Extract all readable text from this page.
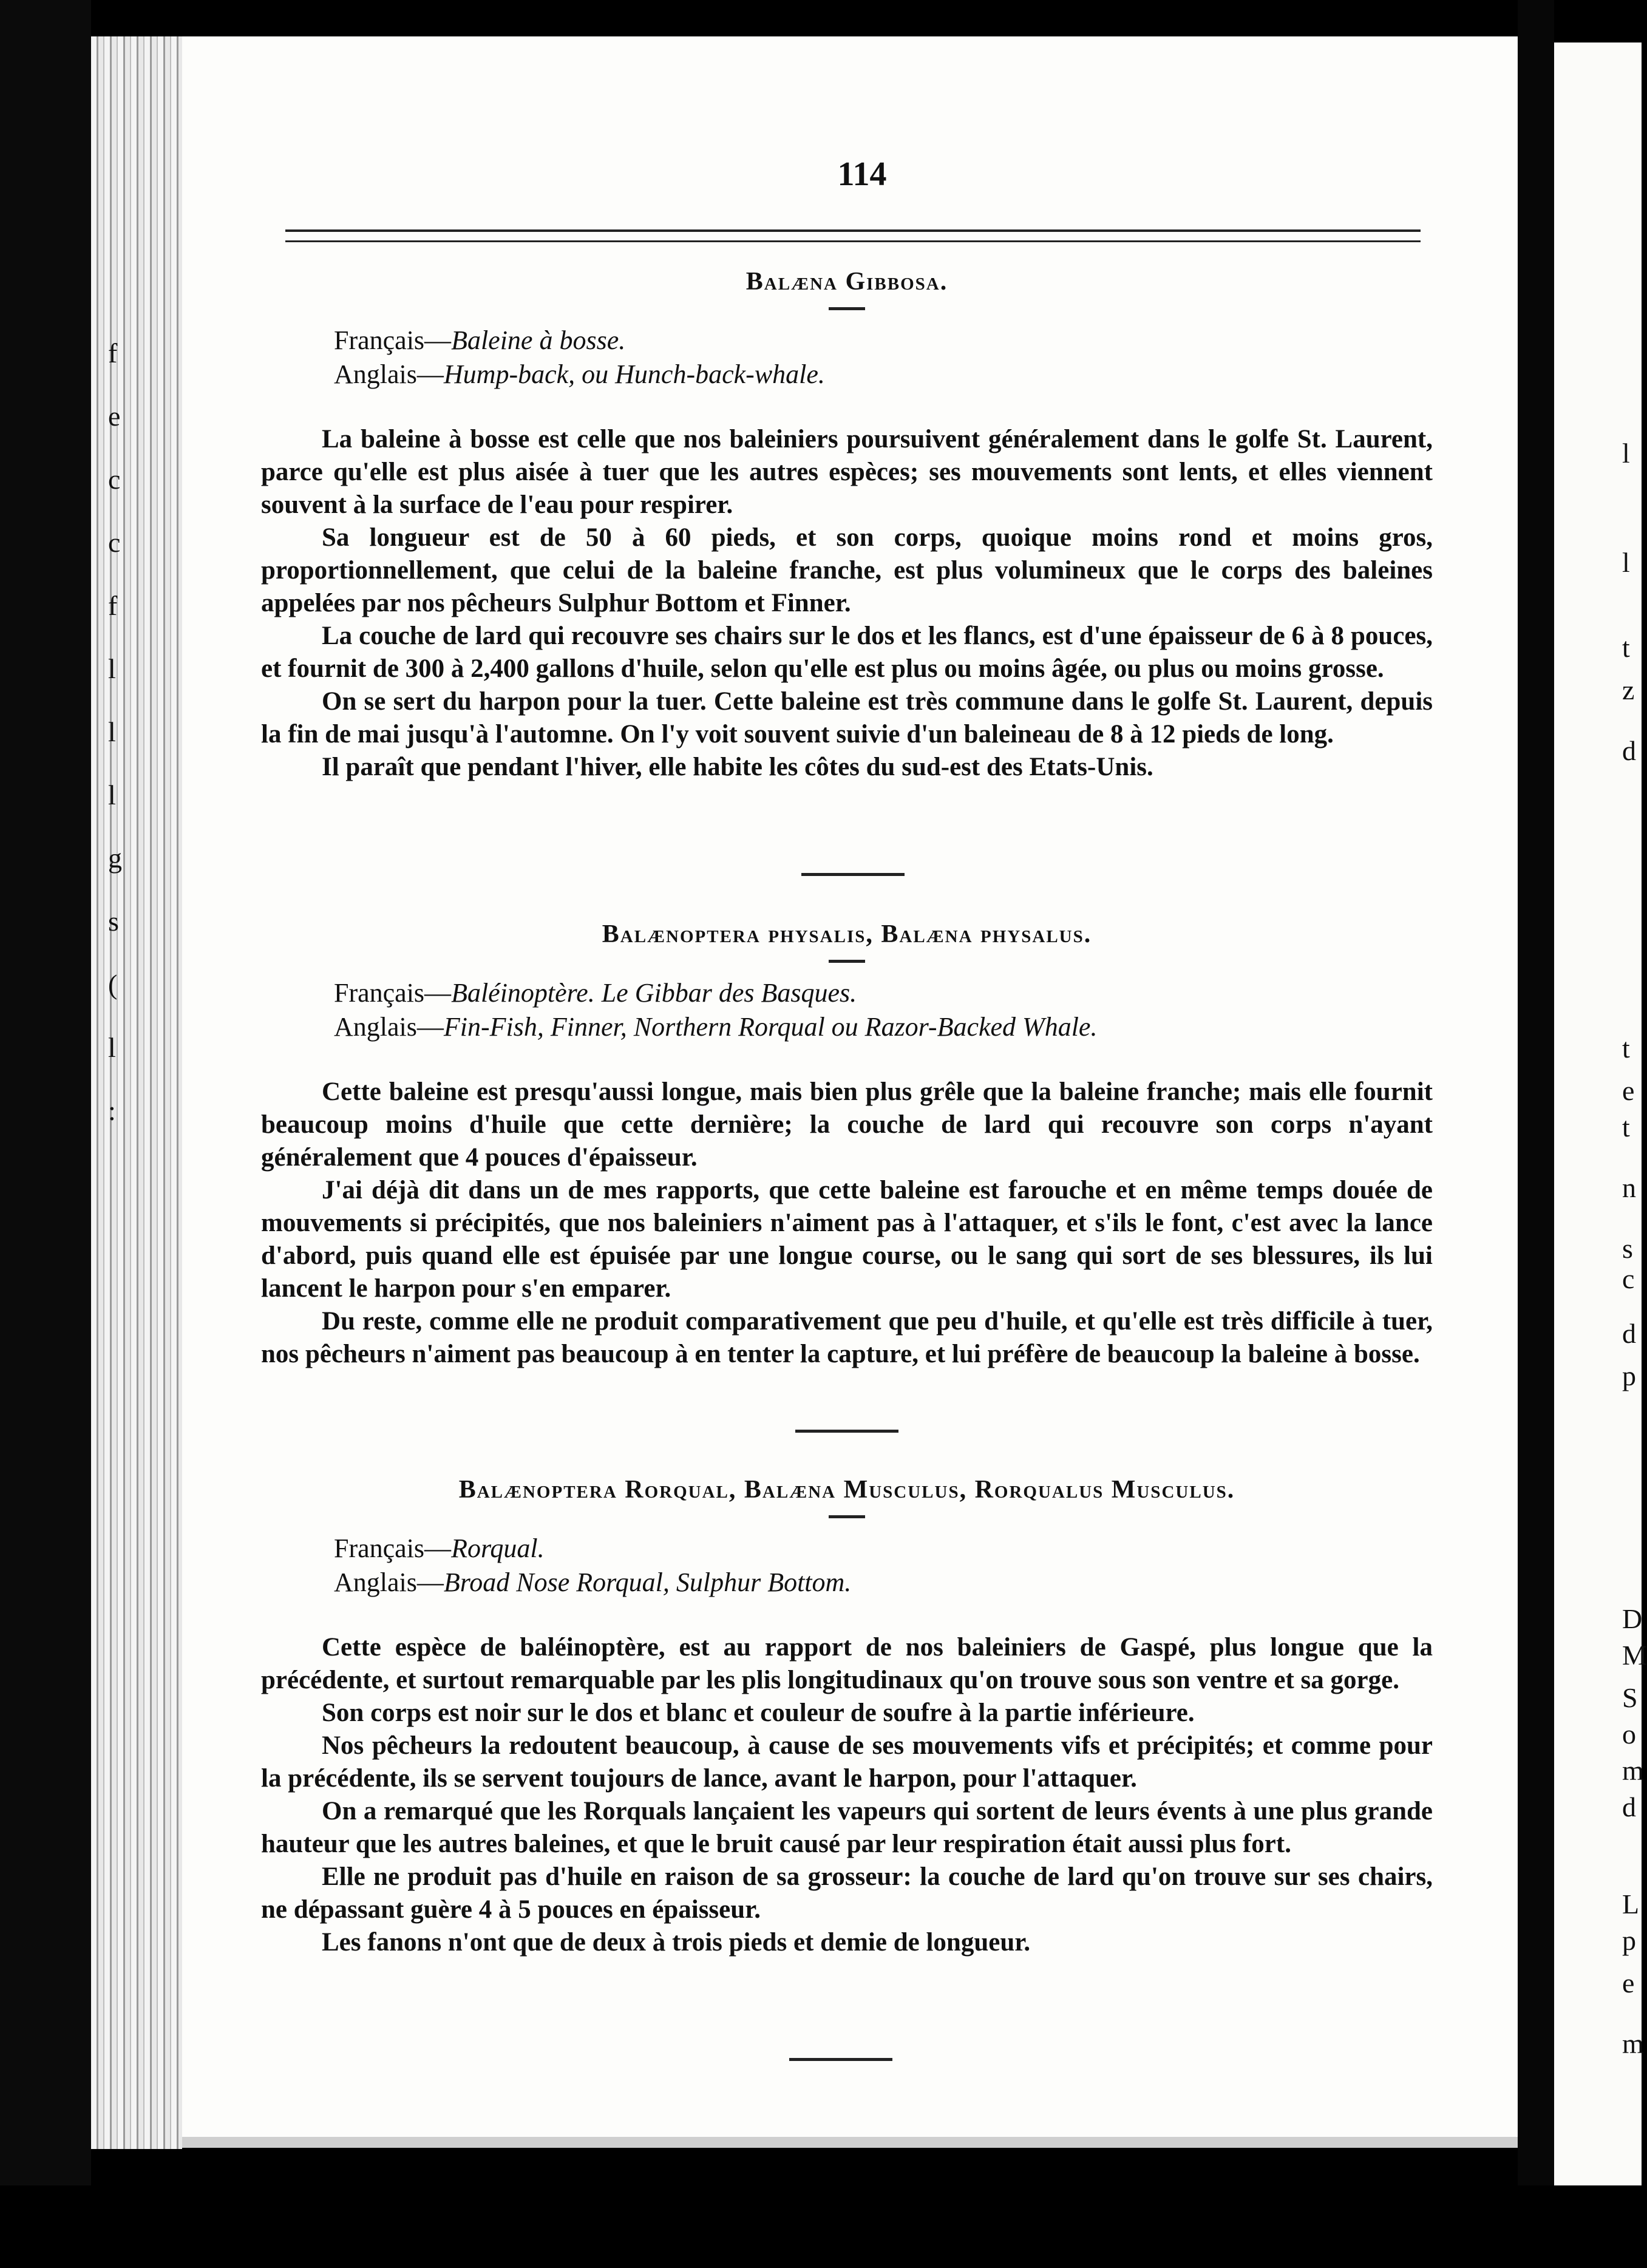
f
e
c
c
f
l
l
l
g
s
(
l
:
l
l
t
z
d
t
e
t
n
s
c
d
p
D
M
S
o
m
d
L
p
e
m
114
Balæna Gibbosa.
Français—Baleine à bosse.
Anglais—Hump-back, ou Hunch-back-whale.

La baleine à bosse est celle que nos baleiniers poursuivent généralement dans le golfe St. Laurent, parce qu'elle est plus aisée à tuer que les autres espèces; ses mouvements sont lents, et elles viennent souvent à la surface de l'eau pour respirer.

Sa longueur est de 50 à 60 pieds, et son corps, quoique moins rond et moins gros, proportionnellement, que celui de la baleine franche, est plus volumineux que le corps des baleines appelées par nos pêcheurs Sulphur Bottom et Finner.

La couche de lard qui recouvre ses chairs sur le dos et les flancs, est d'une épaisseur de 6 à 8 pouces, et fournit de 300 à 2,400 gallons d'huile, selon qu'elle est plus ou moins âgée, ou plus ou moins grosse.

On se sert du harpon pour la tuer. Cette baleine est très commune dans le golfe St. Laurent, depuis la fin de mai jusqu'à l'automne. On l'y voit souvent suivie d'un baleineau de 8 à 12 pieds de long.

Il paraît que pendant l'hiver, elle habite les côtes du sud-est des Etats-Unis.

Balænoptera physalis, Balæna physalus.
Français—Baléinoptère. Le Gibbar des Basques.
Anglais—Fin-Fish, Finner, Northern Rorqual ou Razor-Backed Whale.

Cette baleine est presqu'aussi longue, mais bien plus grêle que la baleine franche; mais elle fournit beaucoup moins d'huile que cette dernière; la couche de lard qui recouvre son corps n'ayant généralement que 4 pouces d'épaisseur.

J'ai déjà dit dans un de mes rapports, que cette baleine est farouche et en même temps douée de mouvements si précipités, que nos baleiniers n'aiment pas à l'attaquer, et s'ils le font, c'est avec la lance d'abord, puis quand elle est épuisée par une longue course, ou le sang qui sort de ses blessures, ils lui lancent le harpon pour s'en emparer.

Du reste, comme elle ne produit comparativement que peu d'huile, et qu'elle est très difficile à tuer, nos pêcheurs n'aiment pas beaucoup à en tenter la capture, et lui préfère de beaucoup la baleine à bosse.

Balænoptera Rorqual, Balæna Musculus, Rorqualus Musculus.
Français—Rorqual.
Anglais—Broad Nose Rorqual, Sulphur Bottom.

Cette espèce de baléinoptère, est au rapport de nos baleiniers de Gaspé, plus longue que la précédente, et surtout remarquable par les plis longitudinaux qu'on trouve sous son ventre et sa gorge.

Son corps est noir sur le dos et blanc et couleur de soufre à la partie inférieure.

Nos pêcheurs la redoutent beaucoup, à cause de ses mouvements vifs et précipités; et comme pour la précédente, ils se servent toujours de lance, avant le harpon, pour l'attaquer.

On a remarqué que les Rorquals lançaient les vapeurs qui sortent de leurs évents à une plus grande hauteur que les autres baleines, et que le bruit causé par leur respiration était aussi plus fort.

Elle ne produit pas d'huile en raison de sa grosseur: la couche de lard qu'on trouve sur ses chairs, ne dépassant guère 4 à 5 pouces en épaisseur.

Les fanons n'ont que de deux à trois pieds et demie de longueur.
